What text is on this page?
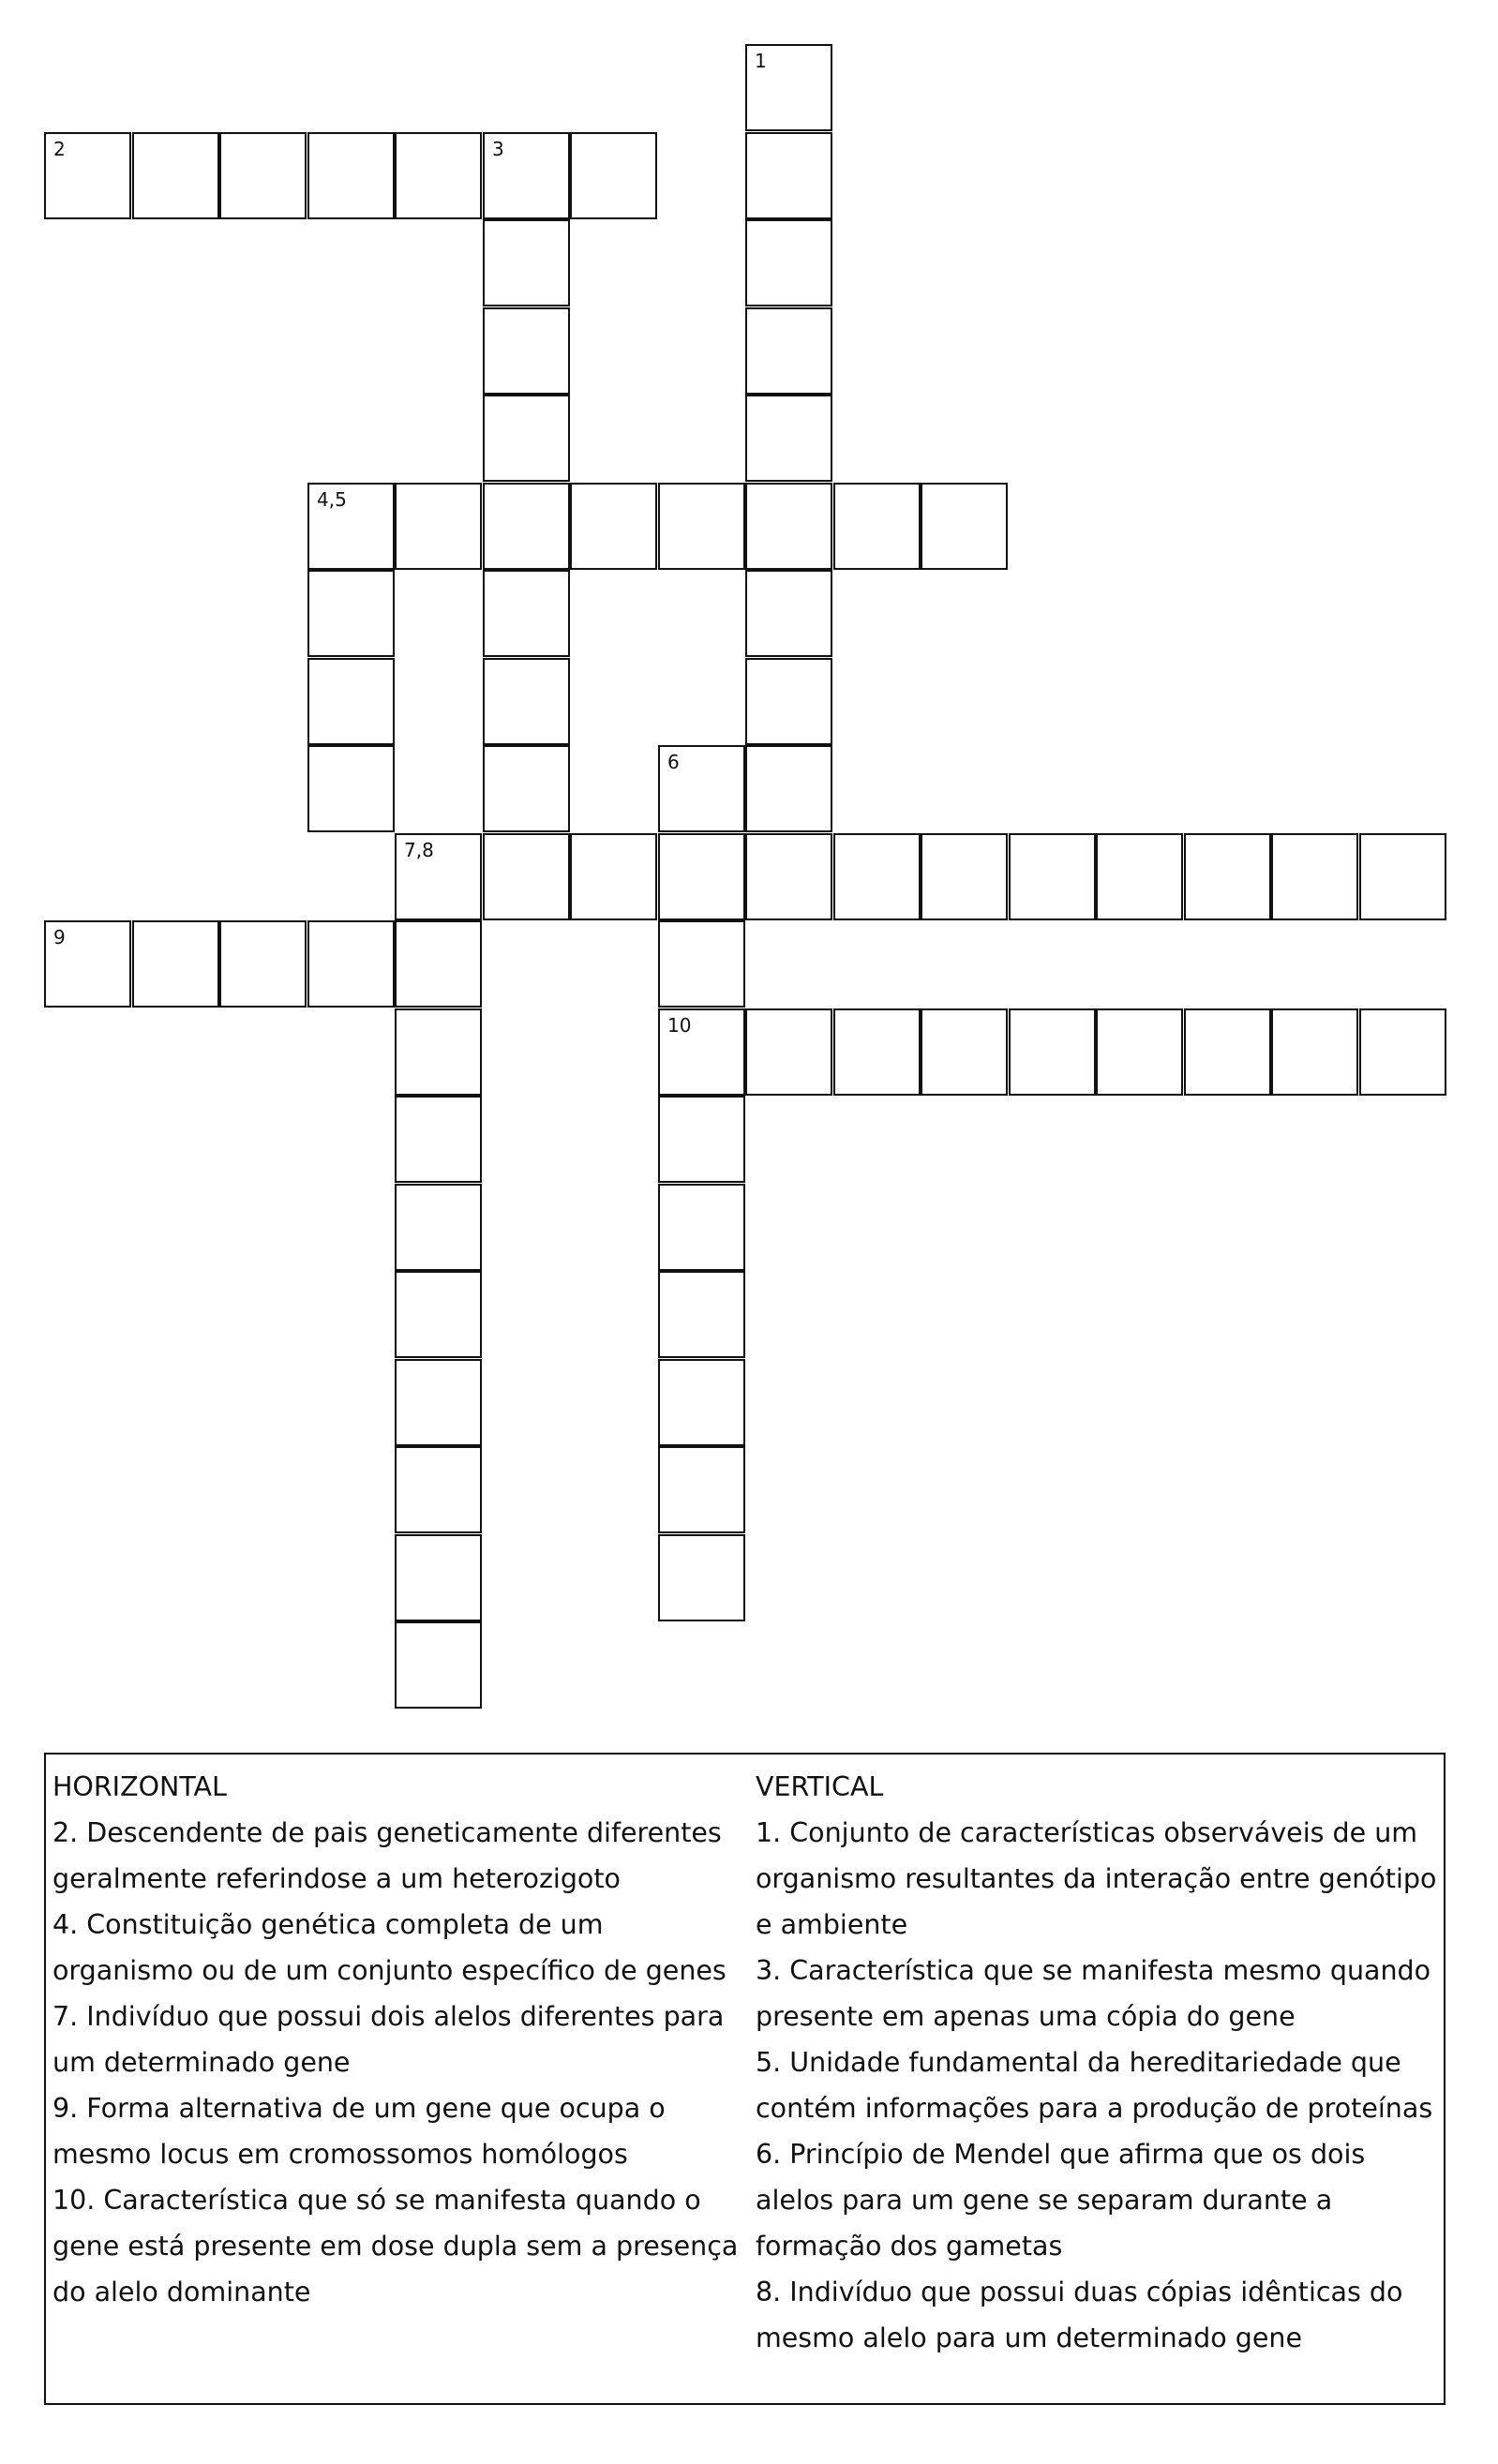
2	3
1
4,5
7,8
9
6
10
HORIZONTAL
2. Descendente de pais geneticamente diferentes geralmente referindose a um heterozigoto
4. Constituição genética completa de um organismo ou de um conjunto específico de genes
7. Indivíduo que possui dois alelos diferentes para um determinado gene
9. Forma alternativa de um gene que ocupa o mesmo locus em cromossomos homólogos
10. Característica que só se manifesta quando o gene está presente em dose dupla sem a presença do alelo dominante
VERTICAL
1. Conjunto de características observáveis de um organismo resultantes da interação entre genótipo e ambiente
3. Característica que se manifesta mesmo quando presente em apenas uma cópia do gene
5. Unidade fundamental da hereditariedade que contém informações para a produção de proteínas
6. Princípio de Mendel que afirma que os dois alelos para um gene se separam durante a formação dos gametas
8. Indivíduo que possui duas cópias idênticas do mesmo alelo para um determinado gene
